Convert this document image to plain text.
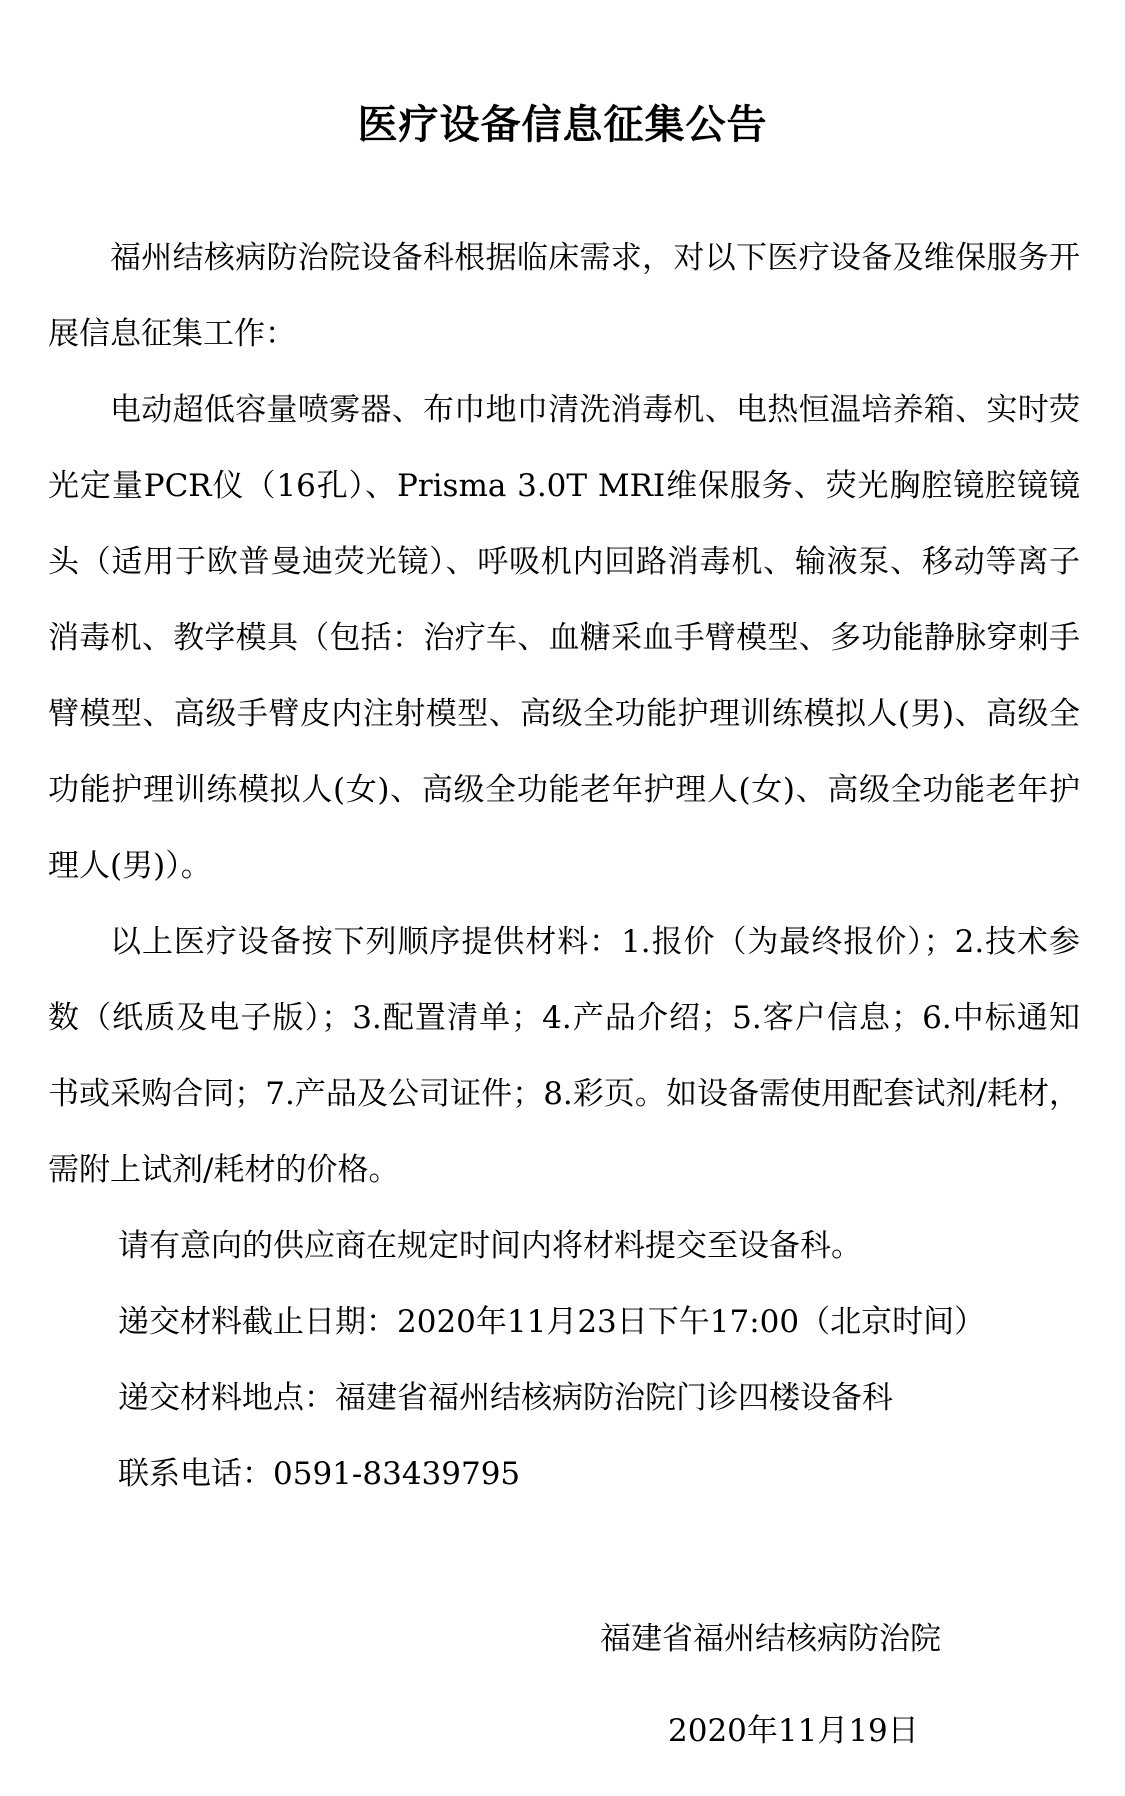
医疗设备信息征集公告

福州结核病防治院设备科根据临床需求，对以下医疗设备及维保服务开展信息征集工作：

电动超低容量喷雾器、布巾地巾清洗消毒机、电热恒温培养箱、实时荧光定量PCR仪（16孔）、Prisma 3.0T MRI维保服务、荧光胸腔镜腔镜镜头（适用于欧普曼迪荧光镜）、呼吸机内回路消毒机、输液泵、移动等离子消毒机、教学模具（包括：治疗车、血糖采血手臂模型、多功能静脉穿刺手臂模型、高级手臂皮内注射模型、高级全功能护理训练模拟人(男)、高级全功能护理训练模拟人(女)、高级全功能老年护理人(女)、高级全功能老年护理人(男)）。

以上医疗设备按下列顺序提供材料：1.报价（为最终报价）；2.技术参数（纸质及电子版）；3.配置清单；4.产品介绍；5.客户信息；6.中标通知书或采购合同；7.产品及公司证件；8.彩页。如设备需使用配套试剂/耗材，需附上试剂/耗材的价格。

请有意向的供应商在规定时间内将材料提交至设备科。

递交材料截止日期：2020年11月23日下午17:00（北京时间）

递交材料地点：福建省福州结核病防治院门诊四楼设备科

联系电话：0591-83439795

福建省福州结核病防治院
2020年11月19日
